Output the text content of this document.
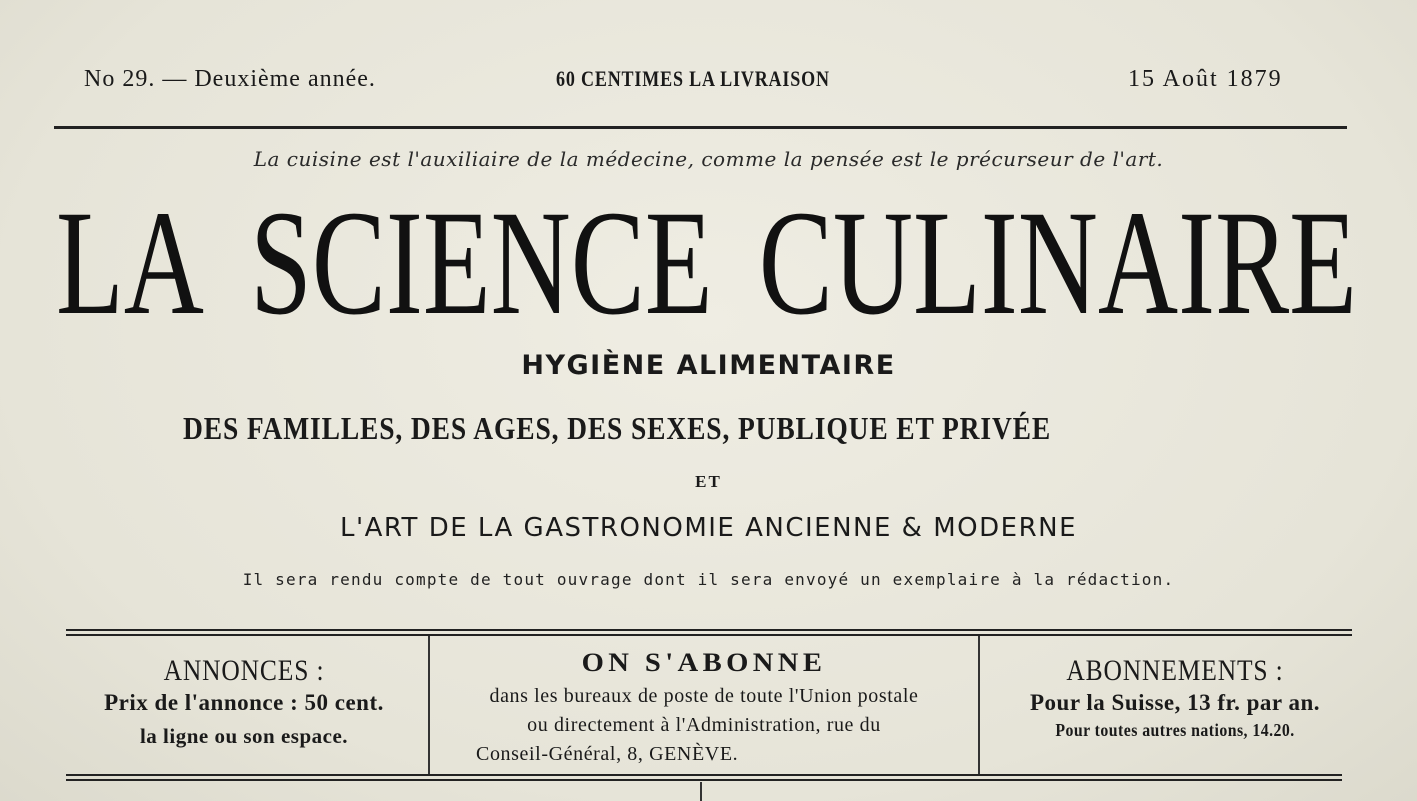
No 29. — Deuxième année.	60 CENTIMES LA LIVRAISON	15 Août 1879
La cuisine est l'auxiliaire de la médecine, comme la pensée est le précurseur de l'art.
LA SCIENCE CULINAIRE
HYGIÈNE ALIMENTAIRE
DES FAMILLES, DES AGES, DES SEXES, PUBLIQUE ET PRIVÉE
ET
L'ART DE LA GASTRONOMIE ANCIENNE & MODERNE
Il sera rendu compte de tout ouvrage dont il sera envoyé un exemplaire à la rédaction.
ANNONCES :
Prix de l'annonce : 50 cent.
la ligne ou son espace.
ON S'ABONNE
dans les bureaux de poste de toute l'Union postale
ou directement à l'Administration, rue du
Conseil-Général, 8, GENÈVE.
ABONNEMENTS :
Pour la Suisse, 13 fr. par an.
Pour toutes autres nations, 14.20.
